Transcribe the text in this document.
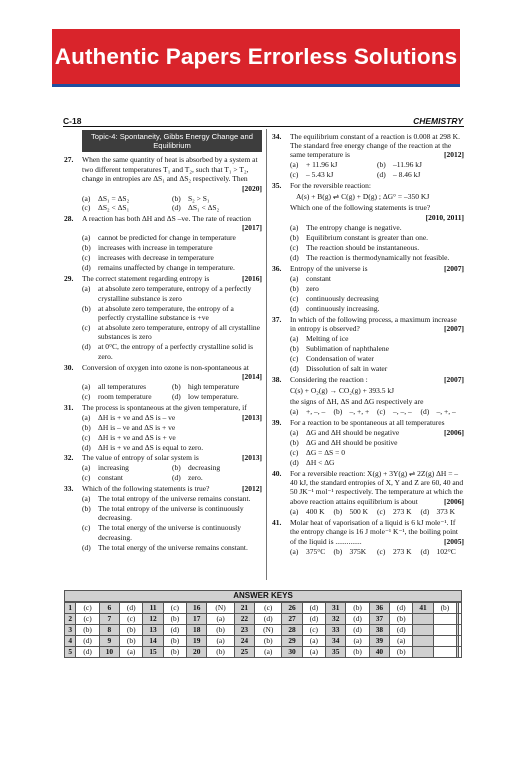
Authentic Papers Errorless Solutions
C-18	CHEMISTRY
Topic-4: Spontaneity, Gibbs Energy Change and Equilibrium
27.	When the same quantity of heat is absorbed by a system at two different temperatures T₁ and T₂, such that T₁ > T₂, change in entropies are ΔS₁ and ΔS₂ respectively. Then
[2020]
(a)	ΔS₁ = ΔS₂	(b) S₂ > S₁
(c)	ΔS₂ < ΔS₁	(d) ΔS₁ < ΔS₂
28.	A reaction has both ΔH and ΔS –ve. The rate of reaction
[2017]
(a)	cannot be predicted for change in temperature
(b) increases with increase in temperature
(c)	increases with decrease in temperature
(d) remains unaffected by change in temperature.
29.	The correct statement regarding entropy is	[2016]
(a)	at absolute zero temperature, entropy of a perfectly crystalline substance is zero
(b) at absolute zero temperature, the entropy of a perfectly crystalline substance is +ve
(c)	at absolute zero temperature, entropy of all crystalline substances is zero
(d) at 0°C, the entropy of a perfectly crystalline solid is zero.
30.	Conversion of oxygen into ozone is non-spontaneous at
[2014]
(a)	all temperatures	(b) high temperature
(c)	room temperature	(d) low temperature.
31.	The process is spontaneous at the given temperature, if
(a)	ΔH is + ve and ΔS is – ve	[2013]
(b) ΔH is – ve and ΔS is + ve
(c)	ΔH is + ve and ΔS is + ve
(d) ΔH is + ve and ΔS is equal to zero.
32.	The value of entropy of solar system is	[2013]
(a)	increasing	(b) decreasing
(c)	constant	(d) zero.
33.	Which of the following statements is true?	[2012]
(a)	The total entropy of the universe remains constant.
(b) The total entropy of the universe is continuously decreasing.
(c)	The total energy of the universe is continuously decreasing.
(d) The total energy of the universe remains constant.
34.	The equilibrium constant of a reaction is 0.008 at 298 K. The standard free energy change of the reaction at the same temperature is	[2012]
(a)	+ 11.96 kJ	(b) –11.96 kJ
(c)	– 5.43 kJ	(d) – 8.46 kJ
35.	For the reversible reaction:
A(s) + B(g) ⇌ C(g) + D(g) ; ΔG° = –350 KJ
Which one of the following statements is true?
[2010, 2011]
(a)	The entropy change is negative.
(b) Equilibrium constant is greater than one.
(c)	The reaction should be instantaneous.
(d) The reaction is thermodynamically not feasible.
36.	Entropy of the universe is	[2007]
(a)	constant
(b) zero
(c)	continuously decreasing
(d) continuously increasing.
37.	In which of the following process, a maximum increase in entropy is observed?	[2007]
(a)	Melting of ice
(b) Sublimation of naphthalene
(c)	Condensation of water
(d) Dissolution of salt in water
38.	Considering the reaction :	[2007]
C(s) + O₂(g) → CO₂(g) + 393.5 kJ
the signs of ΔH, ΔS and ΔG respectively are
(a)	+, –, – (b) –, +, + (c)	–, –, – (d) –, +, –
39.	For a reaction to be spontaneous at all temperatures
(a)	ΔG and ΔH should be negative	[2006]
(b) ΔG and ΔH should be positive
(c)	ΔG = ΔS = 0
(d) ΔH < ΔG
40.	For a reversible reaction: X(g) + 3Y(g) ⇌ 2Z(g) ΔH = – 40 kJ, the standard entropies of X, Y and Z are 60, 40 and 50 JK⁻¹ mol⁻¹ respectively. The temperature at which the above reaction attains equilibrium is about	[2006]
(a)	400 K (b) 500 K (c)	273 K (d) 373 K
41.	Molar heat of vaporisation of a liquid is 6 kJ mole⁻¹. If the entropy change is 16 J mole⁻¹ K⁻¹, the boiling point of the liquid is ..............	[2005]
(a)	375°C (b) 375K (c)	273 K (d) 102°C
ANSWER KEYS
1	(c)	6	(d)	11	(c)	16	(N)	21	(c)	26	(d)	31	(b)	36	(d)	41	(b)		
2	(c)	7	(c)	12	(b)	17	(a)	22	(d)	27	(d)	32	(d)	37	(b)				
3	(b)	8	(b)	13	(d)	18	(b)	23	(N)	28	(c)	33	(d)	38	(d)				
4	(d)	9	(b)	14	(b)	19	(a)	24	(b)	29	(a)	34	(a)	39	(a)				
5	(d)	10	(a)	15	(b)	20	(b)	25	(a)	30	(a)	35	(b)	40	(b)				
